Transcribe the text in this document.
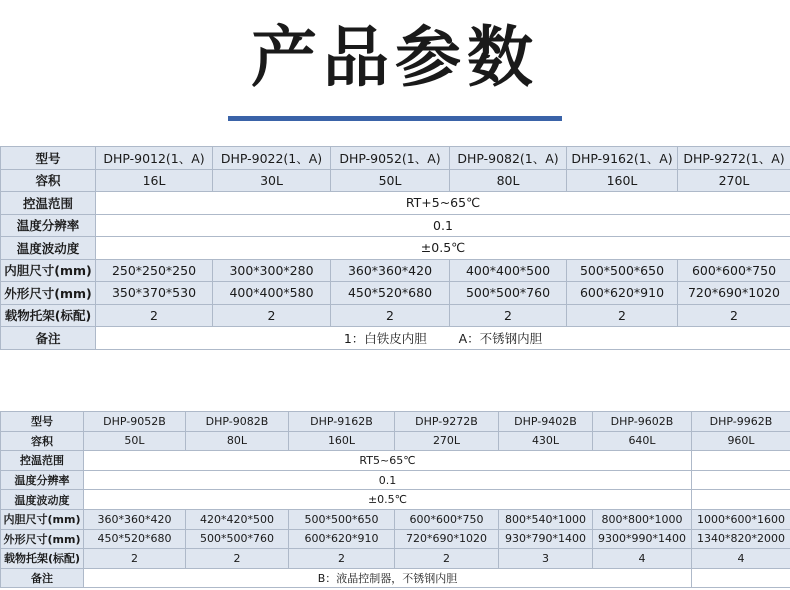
产品参数
型号	DHP-9012(1、A)	DHP-9022(1、A)	DHP-9052(1、A)	DHP-9082(1、A)	DHP-9162(1、A)	DHP-9272(1、A)
容积	16L	30L	50L	80L	160L	270L
控温范围	RT+5~65℃					
温度分辨率	0.1					
温度波动度	±0.5℃					
内胆尺寸(mm)	250*250*250	300*300*280	360*360*420	400*400*500	500*500*650	600*600*750
外形尺寸(mm)	350*370*530	400*400*580	450*520*680	500*500*760	600*620*910	720*690*1020
载物托架(标配)	2	2	2	2	2	2
备注	1：白铁皮内胆        A：不锈钢内胆					
型号	DHP-9052B	DHP-9082B	DHP-9162B	DHP-9272B	DHP-9402B	DHP-9602B	DHP-9962B
容积	50L	80L	160L	270L	430L	640L	960L
控温范围	RT5~65℃						
温度分辨率	0.1						
温度波动度	±0.5℃						
内胆尺寸(mm)	360*360*420	420*420*500	500*500*650	600*600*750	800*540*1000	800*800*1000	1000*600*1600
外形尺寸(mm)	450*520*680	500*500*760	600*620*910	720*690*1020	930*790*1400	9300*990*1400	1340*820*2000
载物托架(标配)	2	2	2	2	3	4	4
备注	B：液晶控制器，不锈钢内胆						
